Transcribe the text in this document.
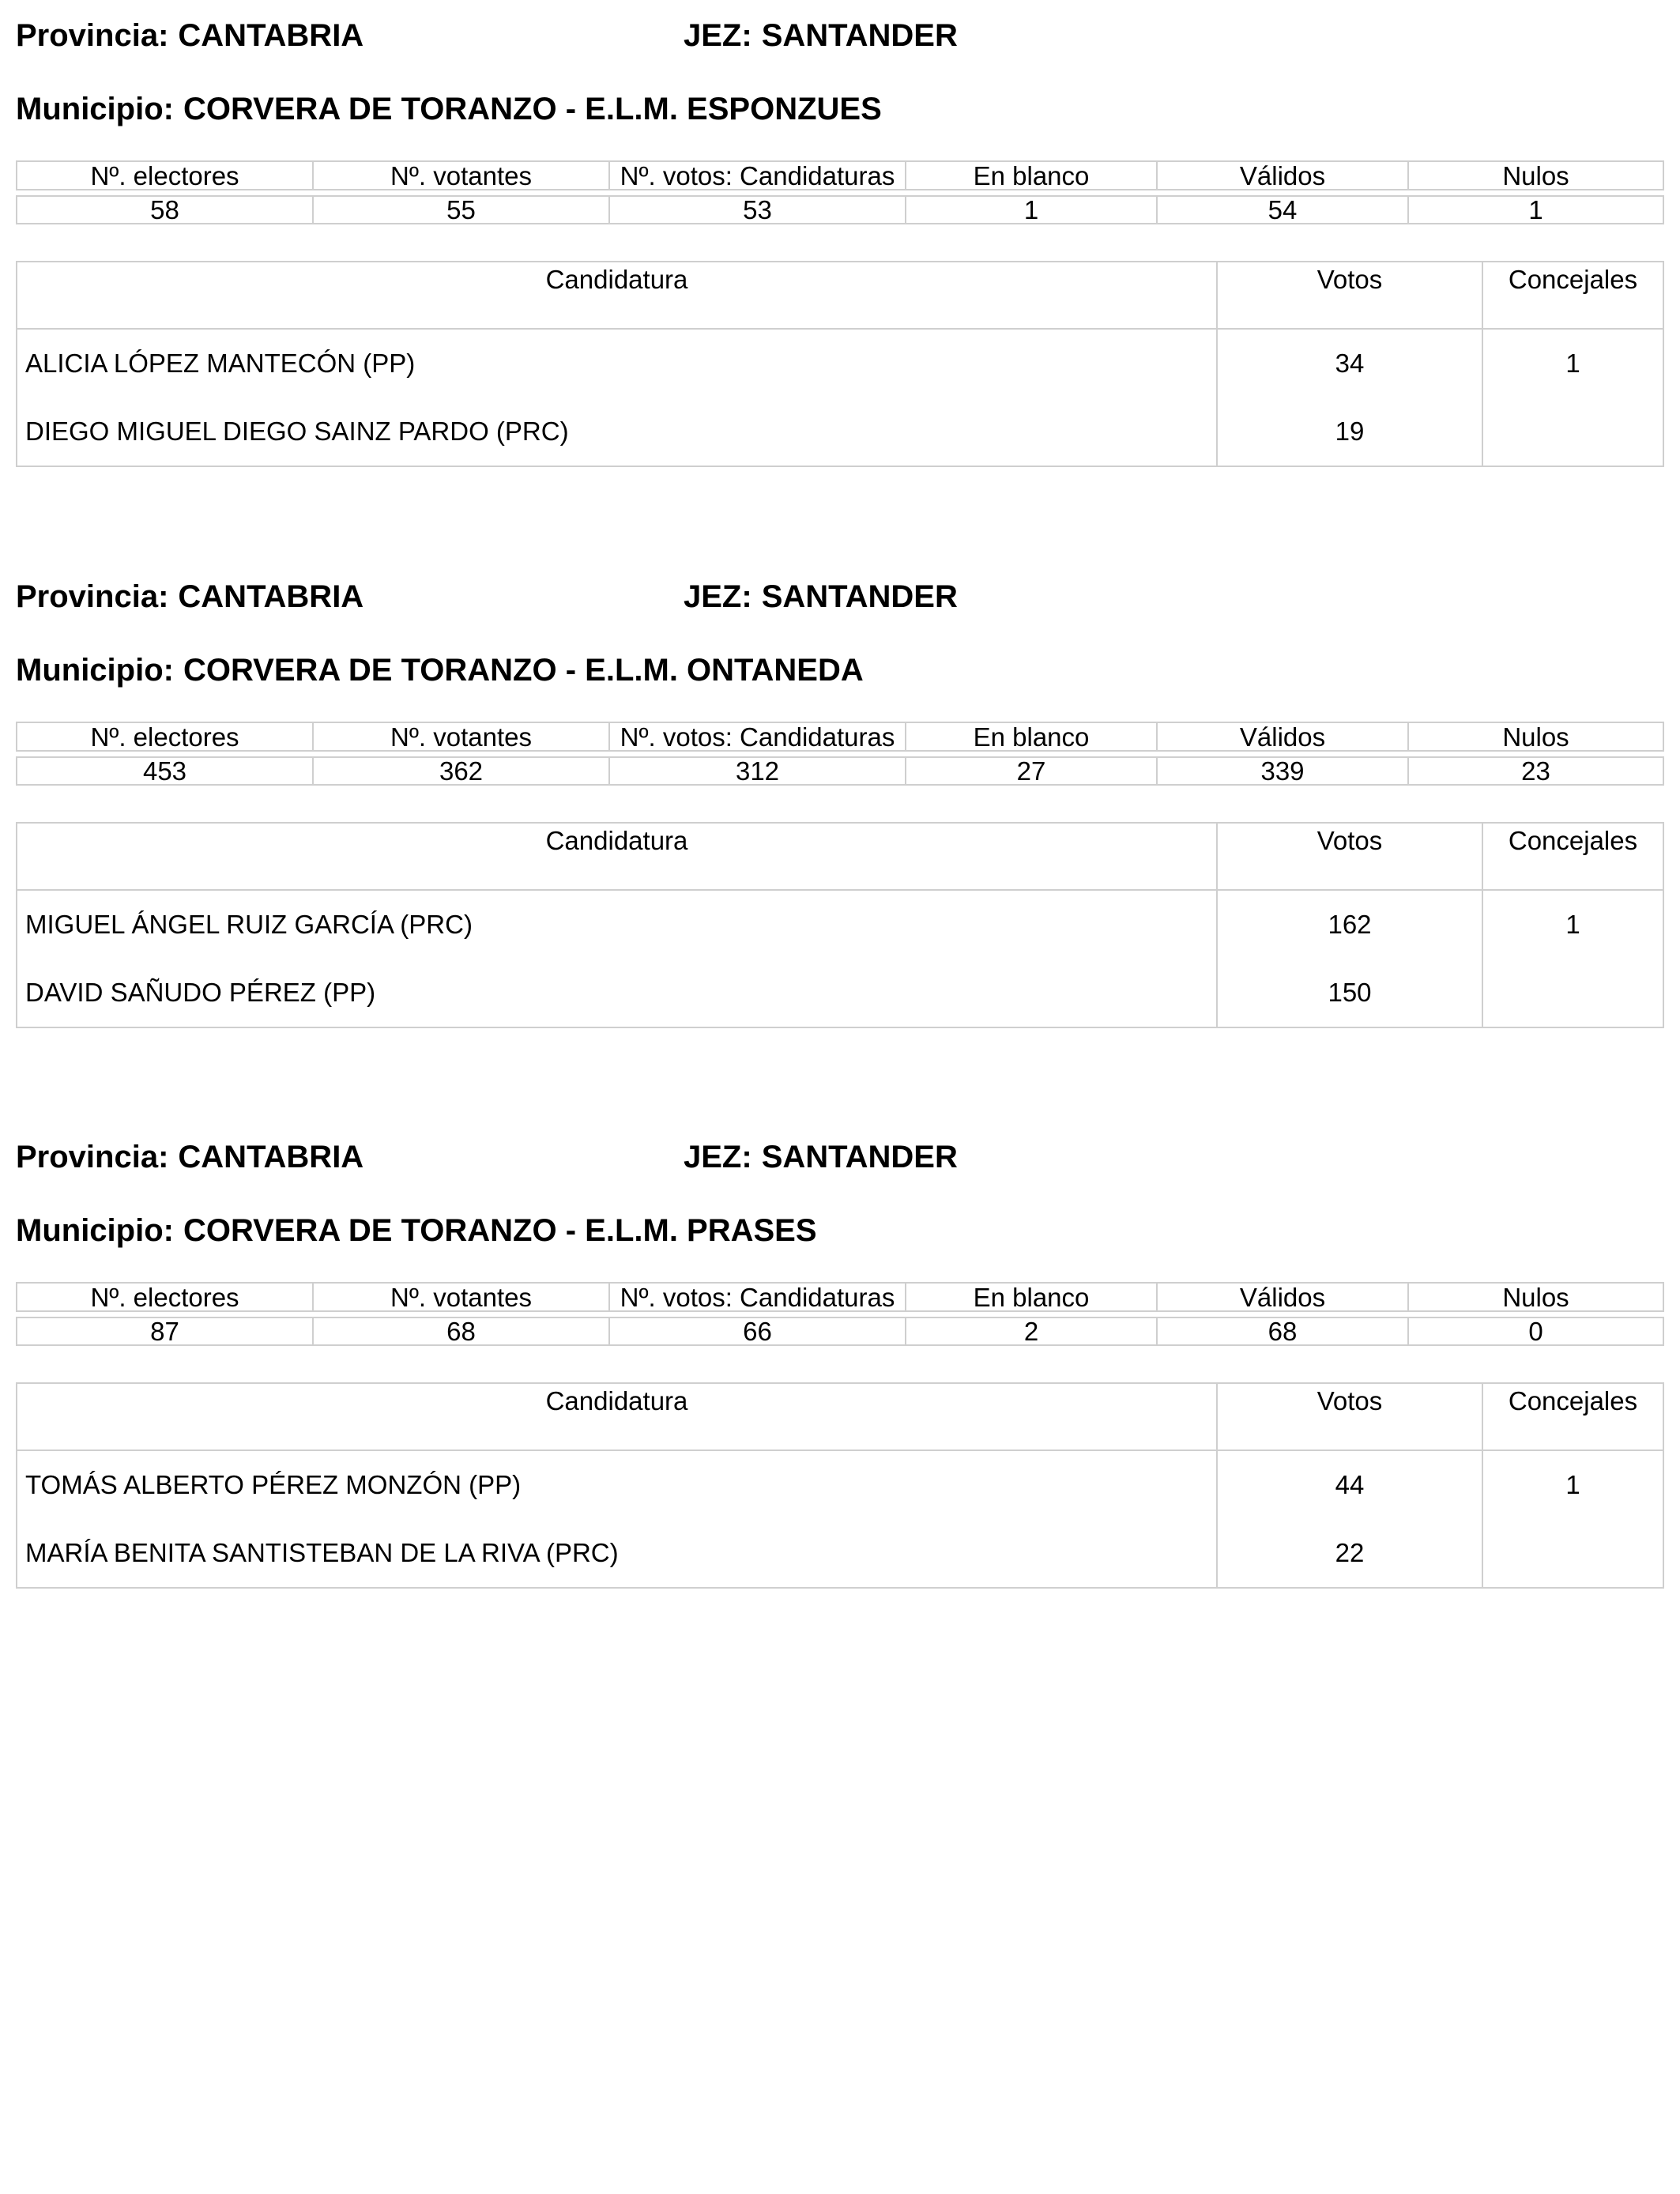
Provincia: CANTABRIA	JEZ: SANTANDER
Municipio: CORVERA DE TORANZO - E.L.M. ESPONZUES
Nº. electores	Nº. votantes	Nº. votos: Candidaturas	En blanco	Válidos	Nulos

58	55	53	1	54	1
Candidatura	Votos	Concejales
ALICIA LÓPEZ MANTECÓN (PP)	34	1
DIEGO MIGUEL DIEGO SAINZ PARDO (PRC)	19	
Provincia: CANTABRIA	JEZ: SANTANDER
Municipio: CORVERA DE TORANZO - E.L.M. ONTANEDA
Nº. electores	Nº. votantes	Nº. votos: Candidaturas	En blanco	Válidos	Nulos

453	362	312	27	339	23
Candidatura	Votos	Concejales
MIGUEL ÁNGEL RUIZ GARCÍA (PRC)	162	1
DAVID SAÑUDO PÉREZ (PP)	150	
Provincia: CANTABRIA	JEZ: SANTANDER
Municipio: CORVERA DE TORANZO - E.L.M. PRASES
Nº. electores	Nº. votantes	Nº. votos: Candidaturas	En blanco	Válidos	Nulos

87	68	66	2	68	0
Candidatura	Votos	Concejales
TOMÁS ALBERTO PÉREZ MONZÓN (PP)	44	1
MARÍA BENITA SANTISTEBAN DE LA RIVA (PRC)	22	
